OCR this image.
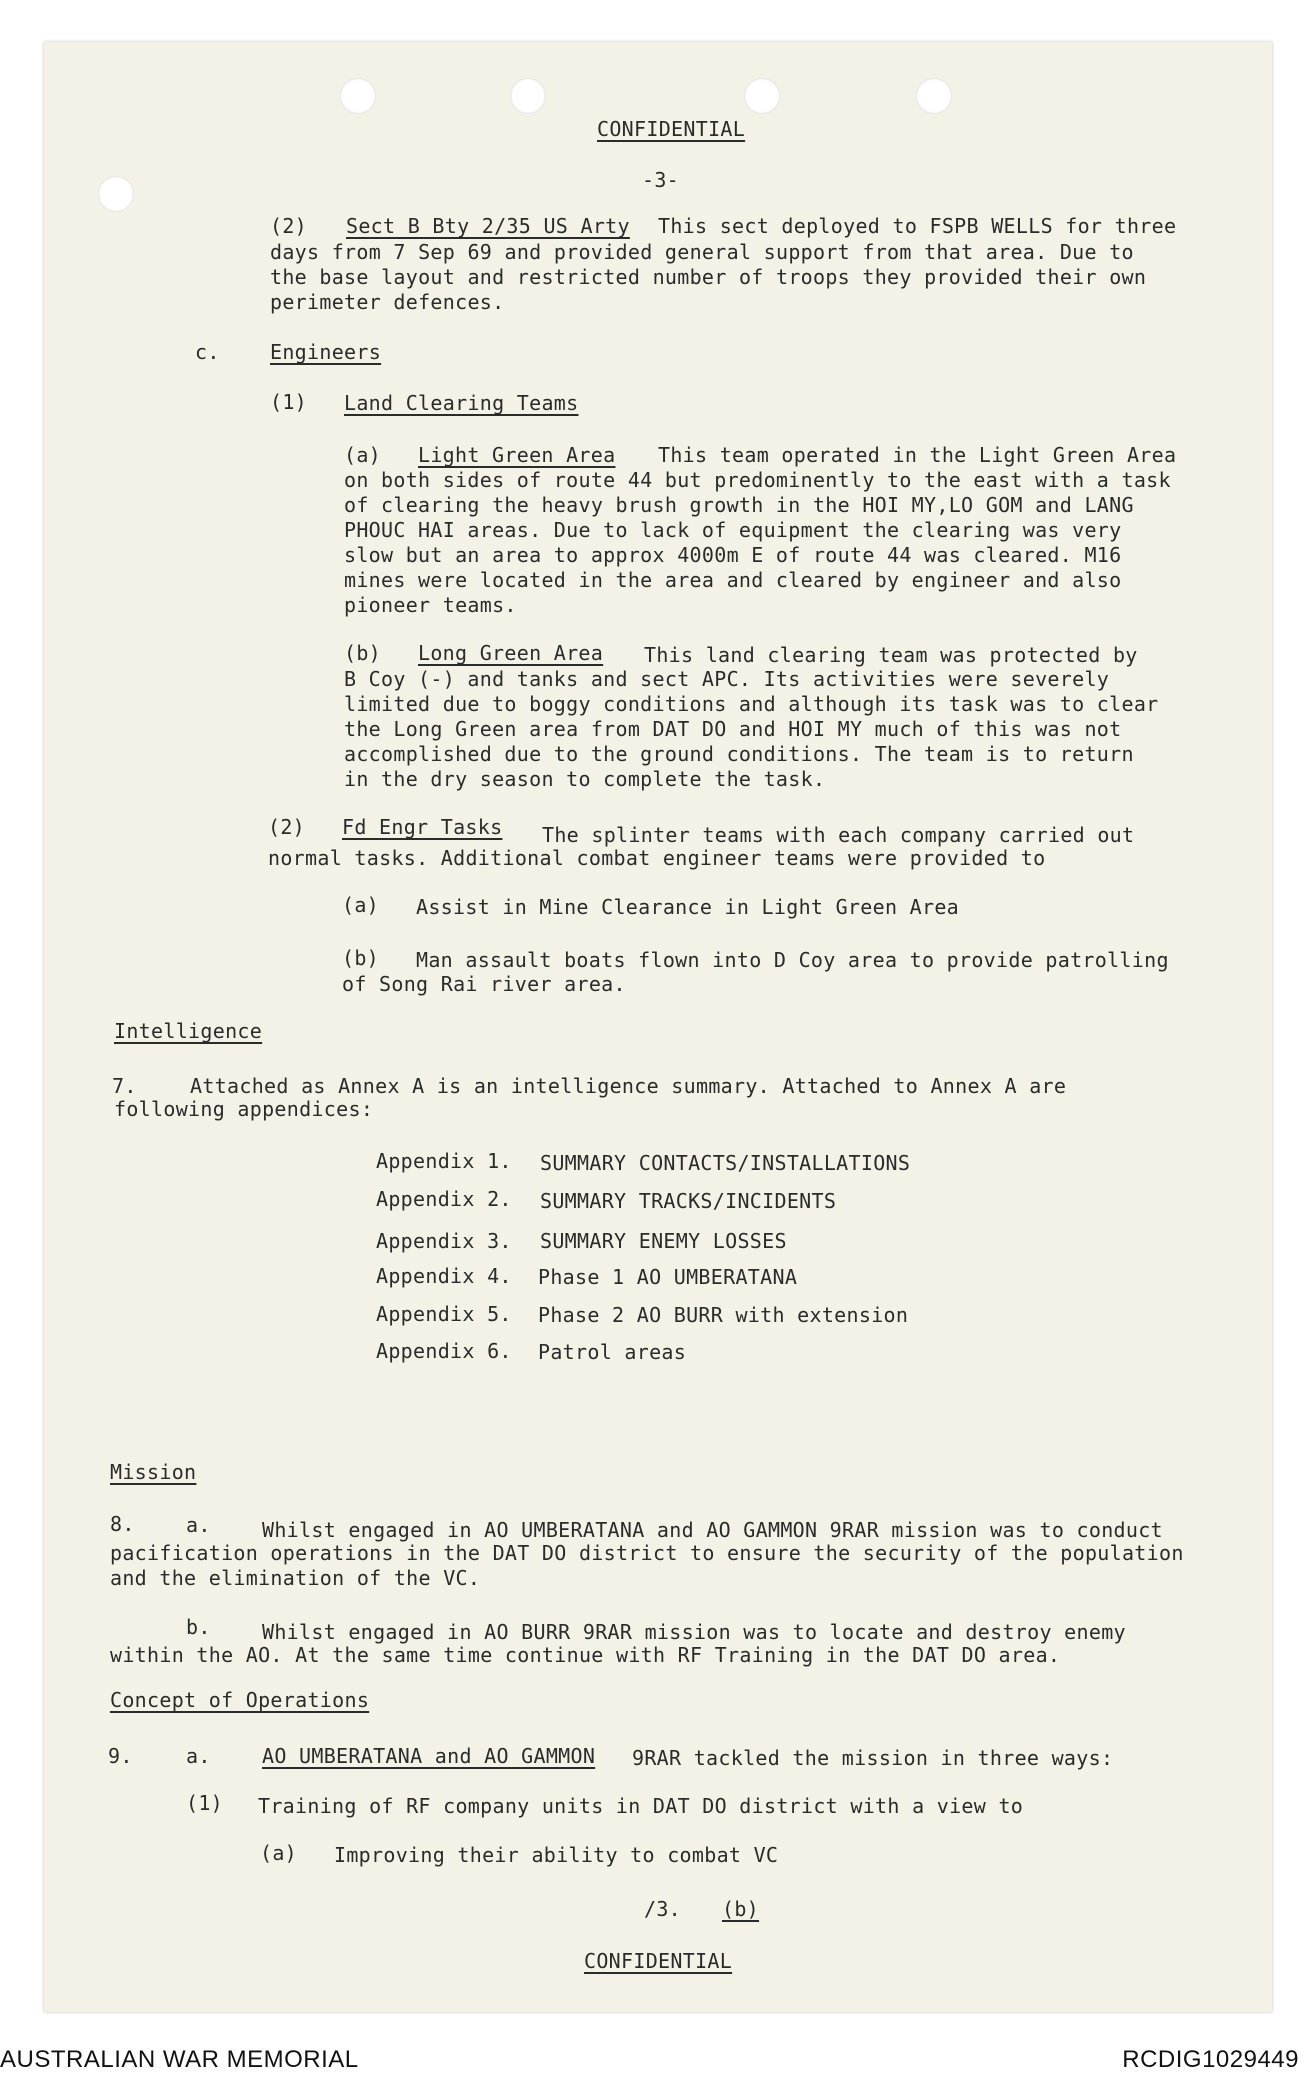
CONFIDENTIAL
-3-
(2) Sect B Bty 2/35 US Arty This sect deployed to FSPB WELLS for three
days from 7 Sep 69 and provided general support from that area. Due to
the base layout and restricted number of troops they provided their own
perimeter defences.
c.	Engineers
(1) Land Clearing Teams
(a) Light Green Area This team operated in the Light Green Area
on both sides of route 44 but predominently to the east with a task
of clearing the heavy brush growth in the HOI MY,LO GOM and LANG
PHOUC HAI areas. Due to lack of equipment the clearing was very
slow but an area to approx 4000m E of route 44 was cleared. M16
mines were located in the area and cleared by engineer and also
pioneer teams.
(b) Long Green Area This land clearing team was protected by
B Coy (-) and tanks and sect APC. Its activities were severely
limited due to boggy conditions and although its task was to clear
the Long Green area from DAT DO and HOI MY much of this was not
accomplished due to the ground conditions. The team is to return
in the dry season to complete the task.
(2) Fd Engr Tasks The splinter teams with each company carried out
normal tasks. Additional combat engineer teams were provided to
(a) Assist in Mine Clearance in Light Green Area
(b) Man assault boats flown into D Coy area to provide patrolling
of Song Rai river area.
Intelligence
7.	Attached as Annex A is an intelligence summary. Attached to Annex A are
following appendices:
Appendix 1. SUMMARY CONTACTS/INSTALLATIONS
Appendix 2. SUMMARY TRACKS/INCIDENTS
Appendix 3. SUMMARY ENEMY LOSSES
Appendix 4. Phase 1 AO UMBERATANA
Appendix 5. Phase 2 AO BURR with extension
Appendix 6. Patrol areas
Mission
8.	a.	Whilst engaged in AO UMBERATANA and AO GAMMON 9RAR mission was to conduct
pacification operations in the DAT DO district to ensure the security of the population
and the elimination of the VC.
b.	Whilst engaged in AO BURR 9RAR mission was to locate and destroy enemy
within the AO. At the same time continue with RF Training in the DAT DO area.
Concept of Operations
9.	a.	AO UMBERATANA and AO GAMMON 9RAR tackled the mission in three ways:
(1) Training of RF company units in DAT DO district with a view to
(a) Improving their ability to combat VC
/3. (b)
CONFIDENTIAL
AUSTRALIAN WAR MEMORIAL	RCDIG1029449
